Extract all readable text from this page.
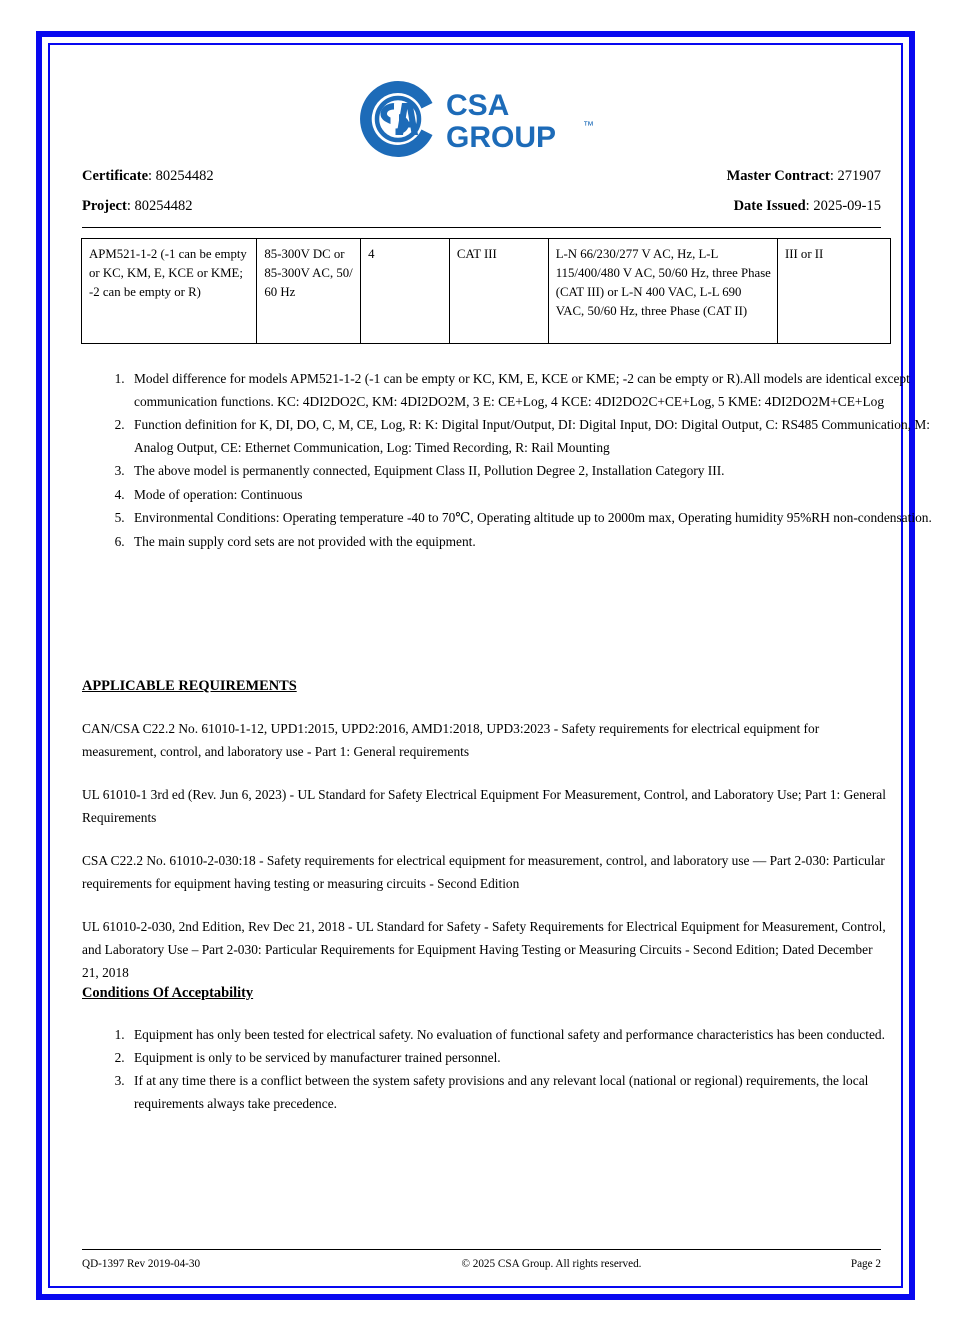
CSA
GROUP ™
Certificate: 80254482	Master Contract: 271907
Project: 80254482	Date Issued: 2025-09-15
APM521-1-2 (-1 can be empty or KC, KM, E, KCE or KME; -2 can be empty or R)	85-300V DC or 85-300V AC, 50/ 60 Hz	4	CAT III	L-N 66/230/277 V AC, Hz, L-L 115/400/480 V AC, 50/60 Hz, three Phase (CAT III) or L-N 400 VAC, L-L 690 VAC, 50/60 Hz, three Phase (CAT II)	III or II
1. Model difference for models APM521-1-2 (-1 can be empty or KC, KM, E, KCE or KME; -2 can be empty or R).All models are identical except communication functions. KC: 4DI2DO2C, KM: 4DI2DO2M, 3 E: CE+Log, 4 KCE: 4DI2DO2C+CE+Log, 5 KME: 4DI2DO2M+CE+Log
2. Function definition for K, DI, DO, C, M, CE, Log, R: K: Digital Input/Output, DI: Digital Input, DO: Digital Output, C: RS485 Communication, M: Analog Output, CE: Ethernet Communication, Log: Timed Recording, R: Rail Mounting
3. The above model is permanently connected, Equipment Class II, Pollution Degree 2, Installation Category III.
4. Mode of operation: Continuous
5. Environmental Conditions: Operating temperature -40 to 70℃, Operating altitude up to 2000m max, Operating humidity 95%RH non-condensation.
6. The main supply cord sets are not provided with the equipment.
APPLICABLE REQUIREMENTS

CAN/CSA C22.2 No. 61010-1-12, UPD1:2015, UPD2:2016, AMD1:2018, UPD3:2023 - Safety requirements for electrical equipment for measurement, control, and laboratory use - Part 1: General requirements

UL 61010-1 3rd ed (Rev. Jun 6, 2023) - UL Standard for Safety Electrical Equipment For Measurement, Control, and Laboratory Use; Part 1: General Requirements

CSA C22.2 No. 61010-2-030:18 - Safety requirements for electrical equipment for measurement, control, and laboratory use — Part 2-030: Particular requirements for equipment having testing or measuring circuits - Second Edition

UL 61010-2-030, 2nd Edition, Rev Dec 21, 2018 - UL Standard for Safety - Safety Requirements for Electrical Equipment for Measurement, Control, and Laboratory Use – Part 2-030: Particular Requirements for Equipment Having Testing or Measuring Circuits - Second Edition; Dated December 21, 2018

Conditions Of Acceptability
1. Equipment has only been tested for electrical safety. No evaluation of functional safety and performance characteristics has been conducted.
2. Equipment is only to be serviced by manufacturer trained personnel.
3. If at any time there is a conflict between the system safety provisions and any relevant local (national or regional) requirements, the local requirements always take precedence.
QD-1397 Rev 2019-04-30	© 2025 CSA Group. All rights reserved.	Page 2
